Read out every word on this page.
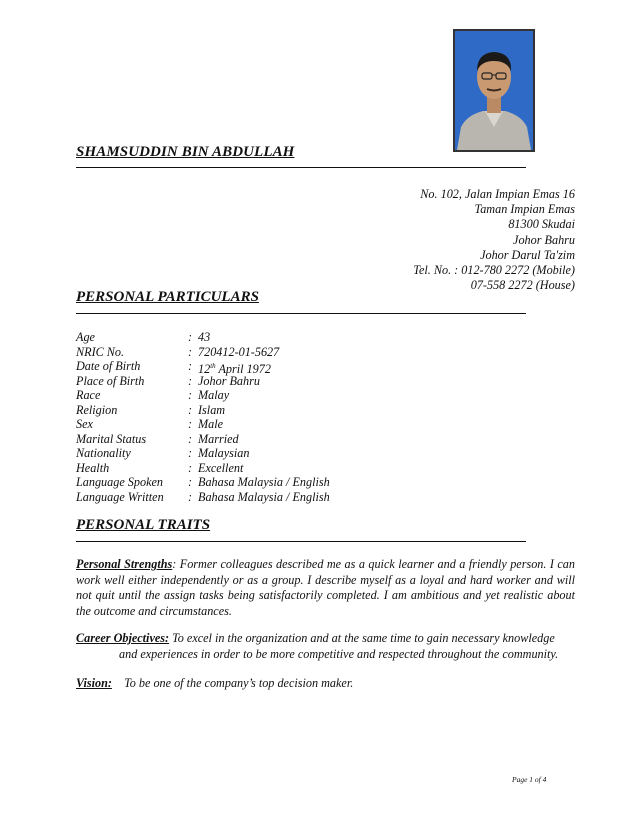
SHAMSUDDIN BIN ABDULLAH
No. 102, Jalan Impian Emas 16
Taman Impian Emas
81300 Skudai
Johor Bahru
Johor Darul Ta'zim
Tel. No. : 012-780 2272 (Mobile)
07-558 2272 (House)
PERSONAL PARTICULARS
Age	: 43
NRIC No.	: 720412-01-5627
Date of Birth	: 12th April 1972
Place of Birth	: Johor Bahru
Race	: Malay
Religion	: Islam
Sex	: Male
Marital Status	: Married
Nationality	: Malaysian
Health	: Excellent
Language Spoken	: Bahasa Malaysia / English
Language Written	: Bahasa Malaysia / English
PERSONAL TRAITS
Personal Strengths: Former colleagues described me as a quick learner and a friendly person. I can work well either independently or as a group. I describe myself as a loyal and hard worker and will not quit until the assign tasks being satisfactorily completed. I am ambitious and yet realistic about the outcome and circumstances.
Career Objectives: To excel in the organization and at the same time to gain necessary knowledge
and experiences in order to be more competitive and respected throughout the community.
Vision:    To be one of the company’s top decision maker.
Page 1 of 4
